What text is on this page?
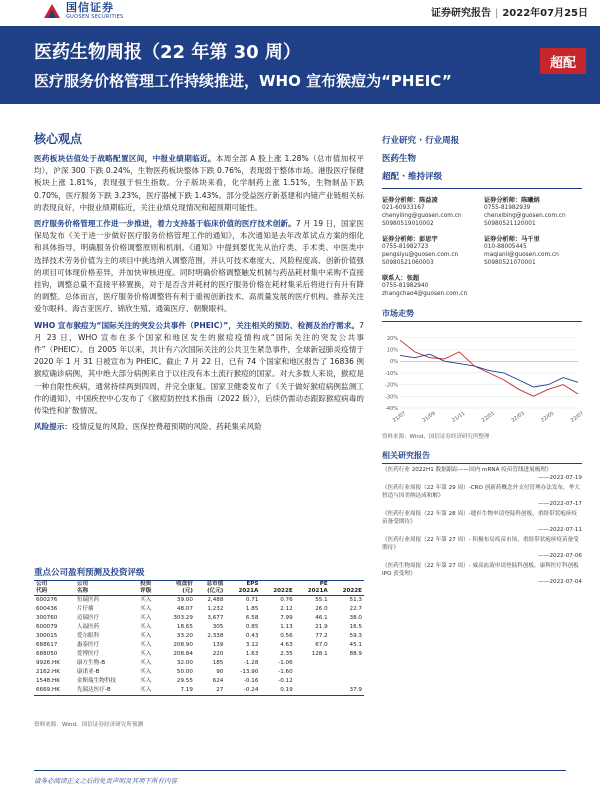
国信证券
GUOSEN SECURITIES	证券研究报告 | 2022年07月25日
医药生物周报（22 年第 30 周）
医疗服务价格管理工作持续推进，WHO 宣布猴痘为“PHEIC”
超配
核心观点

医药板块估值处于战略配置区间，中报业绩期临近。本周全部 A 股上涨 1.28%（总市值加权平均），沪深 300 下跌 0.24%，生物医药板块整体下跌 0.76%，表现弱于整体市场。港股医疗保健板块上涨 1.81%，表现强于恒生指数。分子版块来看，化学制药上涨 1.51%，生物制品下跌 0.70%，医疗服务下跌 3.23%，医疗器械下跌 1.43%。部分受益医疗新基建和内镜产业链相关标的表现良好，中报业绩期临近，关注业绩兑现情况和超预期可能性。

医疗服务价格管理工作进一步推进，着力支持基于临床价值的医疗技术创新。7 月 19 日，国家医保局发布《关于进一步做好医疗服务价格管理工作的通知》，本次通知是去年改革试点方案的细化和具体指导，明确服务价格调整原则和机制。《通知》中提到要优先从治疗类、手术类、中医类中选择技术劳务价值为主的项目中挑选纳入调整范围，并认可技术难度大、风险程度高、创新价值强的项目可体现价格差异，并加快审核进度。同时明确价格调整触发机制与药品耗材集中采购不直接挂钩，调整总量不直接平移置换，对于是否含并耗材的医疗服务价格在耗材集采后将进行有升有降的调整。总体而言，医疗服务价格调整将有利于重视创新技术、高质量发展的医疗机构。推荐关注爱尔眼科、海吉亚医疗、锦欣生殖、通策医疗、朝聚眼科。

WHO 宣布猴痘为“国际关注的突发公共事件（PHEIC）”，关注相关的预防、检测及治疗需求。7 月 23 日，WHO 宣布在多个国家和地区发生的猴痘疫情构成“国际关注的突发公共事件”（PHEIC）。自 2005 年以来，共计有六次国际关注的公共卫生紧急事件，全球新冠肺炎疫情于 2020 年 1 月 31 日被宣布为 PHEIC。截止 7 月 22 日，已有 74 个国家和地区报告了 16836 例猴痘确诊病例，其中绝大部分病例来自于以往没有本土流行猴痘的国家。对大多数人来说，猴痘是一种自限性疾病，通常持续两到四周，并完全康复。国家卫健委发布了《关于做好猴痘病例监测工作的通知》，中国疾控中心发布了《猴痘防控技术指南（2022 版）》，后续仍需动态跟踪猴痘病毒的传染性和扩散情况。

风险提示：疫情反复的风险、医保控费超预期的风险、药耗集采风险

行业研究 · 行业周报
医药生物
超配 · 维持评级
证券分析师：陈益凌
021-60933167
chenyiling@guosen.com.cn
S0980519010002
证券分析师：陈曦炳
0755-81982939
chenxibing@guosen.com.cn
S0980521120001
证券分析师：彭思宇
0755-81982723
pengsiyu@guosen.com.cn
S0980521060003
证券分析师：马千里
010-88005445
maqianli@guosen.com.cn
S0980521070001
联系人：张超
0755-81982940
zhangchao4@guosen.com.cn
市场走势
-40%
-30%
-20%
-10%
0%
10%
20%
21/07	21/09	21/11	22/01	22/03	22/05	22/07
资料来源：Wind、国信证券经济研究所整理
相关研究报告
《医药行业 2022H1 数据跟踪——国内 mRNA 疫苗管线进展梳理》
——2022-07-19
《医药行业周报（22 年第 29 周）-CRO 创新药概念外支付管理办法发布，华大智造与因美纳达成和解》
——2022-07-17
《医药行业周报（22 年第 28 周）-缝衫生物申请登陆科创板，重组带状疱疹疫苗备受期待》
——2022-07-11
《医药行业周报（22 年第 27 周）- 积极布局疫苗市场，重组带状疱疹疫苗备受期待》
——2022-07-06
《医药生物周报（22 年第 27 周）- 威高血液申请登陆科创板，康辉医疗科创板 IPO 获受理》
——2022-07-04
重点公司盈利预测及投资评级
公司	公司	投资	收盘价	总市值	EPS		PE	
代码	名称	评级	(元)	(亿元)	2021A	2022E	2021A	2022E
600276	恒瑞医药	买入	39.00	2,488	0.71	0.76	55.1	51.3
600436	片仔癀	买入	48.07	1,232	1.85	2.12	26.0	22.7
300760	迈瑞医疗	买入	303.29	3,677	6.58	7.99	46.1	38.0
600079	人福医药	买入	18.65	305	0.85	1.13	21.9	16.5
300015	爱尔眼科	买入	33.20	2,338	0.43	0.56	77.2	59.3
688617	惠泰医疗	买入	208.90	139	3.12	4.63	67.0	45.1
688050	爱博医疗	买入	208.84	220	1.63	2.35	128.1	88.9
9926.HK	康方生物-B	买入	32.00	185	-1.28	-1.06		
2162.HK	康诺亚-B	买入	50.00	90	-13.90	-1.60		
1548.HK	金斯瑞生物科技	买入	29.55	624	-0.16	-0.12		
6669.HK	先瑞达医疗-B	买入	7.19	27	-0.24	0.19		37.9
资料来源：Wind、国信证券经济研究所预测
请务必阅读正文之后的免责声明及其项下所有内容
